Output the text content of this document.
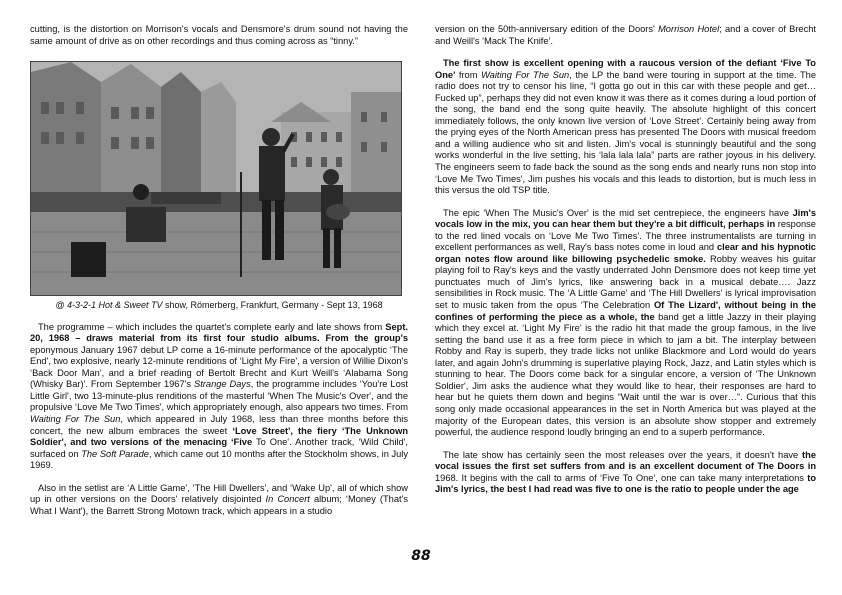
cutting, is the distortion on Morrison's vocals and Densmore's drum sound not having the same amount of drive as on other recordings and thus coming across as “tinny.”

@ 4-3-2-1 Hot & Sweet TV show, Römerberg, Frankfurt, Germany - Sept 13, 1968

The programme – which includes the quartet's complete early and late shows from Sept. 20, 1968 – draws material from its first four studio albums. From the group's eponymous January 1967 debut LP come a 16-minute performance of the apocalyptic ‘The End', two explosive, nearly 12-minute renditions of ‘Light My Fire', a version of Willie Dixon's ‘Back Door Man', and a brief reading of Bertolt Brecht and Kurt Weill's ‘Alabama Song (Whisky Bar)'. From September 1967's Strange Days, the programme includes ‘You're Lost Little Girl', two 13-minute-plus renditions of the masterful ‘When The Music's Over', and the propulsive ‘Love Me Two Times', which appropriately enough, also appears two times. From Waiting For The Sun, which appeared in July 1968, less than three months before this concert, the new album embraces the sweet ‘Love Street', the fiery ‘The Unknown Soldier', and two versions of the menacing ‘Five To One'. Another track, ‘Wild Child', surfaced on The Soft Parade, which came out 10 months after the Stockholm shows, in July 1969.

Also in the setlist are ‘A Little Game', ‘The Hill Dwellers', and ‘Wake Up', all of which show up in other versions on the Doors' relatively disjointed In Concert album; ‘Money (That's What I Want'), the Barrett Strong Motown track, which appears in a studio

version on the 50th-anniversary edition of the Doors' Morrison Hotel; and a cover of Brecht and Weill's ‘Mack The Knife'.

The first show is excellent opening with a raucous version of the defiant ‘Five To One' from Waiting For The Sun, the LP the band were touring in support at the time. The radio does not try to censor his line, “I gotta go out in this car with these people and get…Fucked up”, perhaps they did not even know it was there as it comes during a loud portion of the song, the band end the song quite heavily. The absolute highlight of this concert immediately follows, the only known live version of ‘Love Street'. Certainly being away from the prying eyes of the North American press has presented The Doors with musical freedom and a willing audience who sit and listen. Jim's vocal is stunningly beautiful and the song works wonderful in the live setting, his ‘lala lala lala” parts are rather joyous in his delivery. The engineers seem to fade back the sound as the song ends and nearly runs non stop into ‘Love Me Two Times', Jim pushes his vocals and this leads to distortion, but is much less in this versus the old TSP title.

The epic ‘When The Music's Over' is the mid set centrepiece, the engineers have Jim's vocals low in the mix, you can hear them but they're a bit difficult, perhaps in response to the red lined vocals on ‘Love Me Two Times'. The three instrumentalists are turning in excellent performances as well, Ray's bass notes come in loud and clear and his hypnotic organ notes flow around like billowing psychedelic smoke. Robby weaves his guitar playing foil to Ray's keys and the vastly underrated John Densmore does not keep time yet punctuates much of Jim's lyrics, like answering back in a musical debate…. Jazz sensibilities in Rock music. The ‘A Little Game' and ‘The Hill Dwellers' is lyrical improvisation set to music taken from the opus ‘The Celebration Of The Lizard', without being in the confines of performing the piece as a whole, the band get a little Jazzy in their playing which they excel at. ‘Light My Fire' is the radio hit that made the group famous, in the live setting the band use it as a free form piece in which to jam a bit. The interplay between Robby and Ray is superb, they trade licks not unlike Blackmore and Lord would do years later, and again John's drumming is superlative playing Rock, Jazz, and Latin styles which is stunning to hear. The Doors come back for a singular encore, a version of ‘The Unknown Soldier', Jim asks the audience what they would like to hear, their responses are hard to hear but he quiets them down and begins “Wait until the war is over…”. Curious that this song only made occasional appearances in the set in North America but was played at the majority of the European dates, this version is an absolute show stopper and extremely powerful, the audience respond loudly bringing an end to a superb performance.

The late show has certainly seen the most releases over the years, it doesn't have the vocal issues the first set suffers from and is an excellent document of The Doors in 1968. It begins with the call to arms of ‘Five To One', one can take many interpretations to Jim's lyrics, the best I had read was five to one is the ratio to people under the age

88
